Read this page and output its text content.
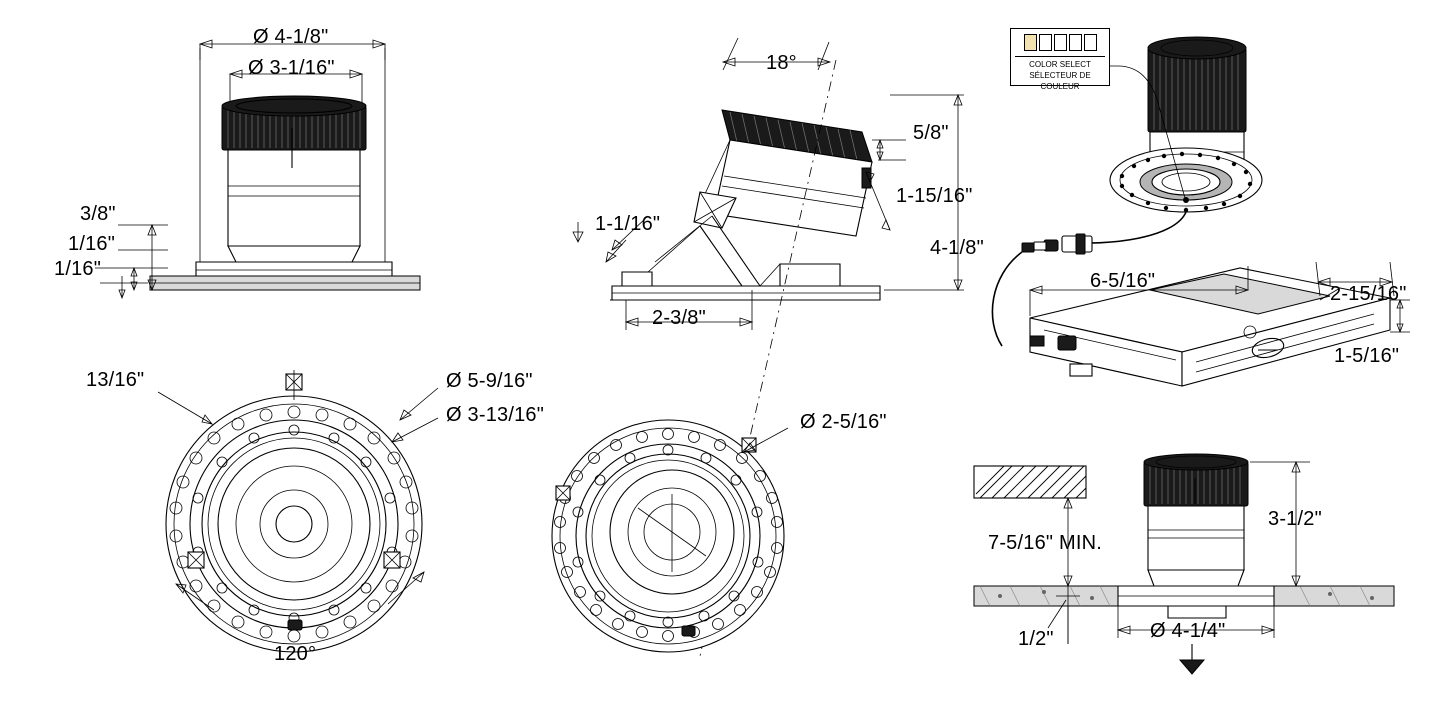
COLOR SELECT
SÉLECTEUR DE COULEUR
Ø 4-1/8"
Ø 3-1/16"
3/8"
1/16"
1/16"
18°
5/8"
1-15/16"
4-1/8"
1-1/16"
2-3/8"
6-5/16"
2-15/16"
1-5/16"
13/16"	Ø 5-9/16"
Ø 3-13/16"
120°
Ø 2-5/16"
3-1/2"
7-5/16" MIN.
1/2"	Ø 4-1/4"
